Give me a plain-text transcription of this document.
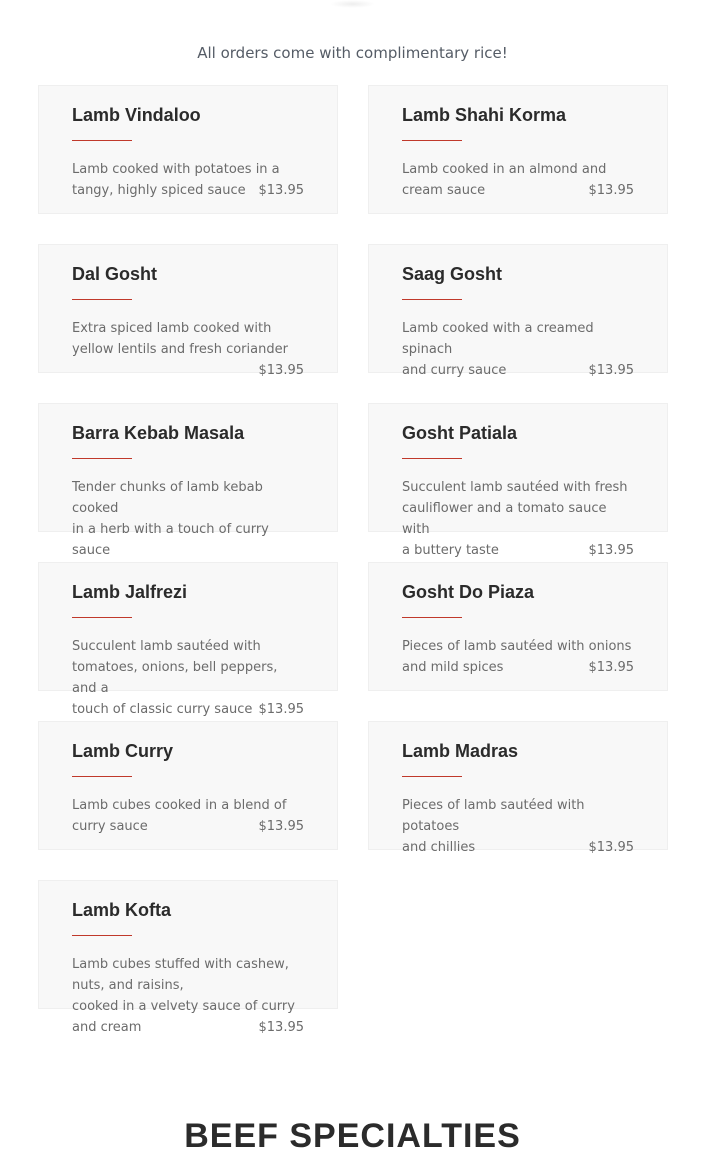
All orders come with complimentary rice!
Lamb Vindaloo
Lamb cooked with potatoes in a
$13.95
tangy, highly spiced sauce
Lamb Shahi Korma
Lamb cooked in an almond and
$13.95
cream sauce
Dal Gosht
Extra spiced lamb cooked with
yellow lentils and fresh coriander
$13.95
Saag Gosht
Lamb cooked with a creamed spinach
$13.95
and curry sauce
Barra Kebab Masala
Tender chunks of lamb kebab cooked
in a herb with a touch of curry sauce
Gosht Patiala
Succulent lamb sautéed with fresh
cauliflower and a tomato sauce with
$13.95
a buttery taste
Lamb Jalfrezi
Succulent lamb sautéed with
tomatoes, onions, bell peppers, and a
$13.95
touch of classic curry sauce
Gosht Do Piaza
Pieces of lamb sautéed with onions
$13.95
and mild spices
Lamb Curry
Lamb cubes cooked in a blend of
$13.95
curry sauce
Lamb Madras
Pieces of lamb sautéed with potatoes
$13.95
and chillies
Lamb Kofta
Lamb cubes stuffed with cashew,
nuts, and raisins,
cooked in a velvety sauce of curry
$13.95
and cream
BEEF SPECIALTIES
